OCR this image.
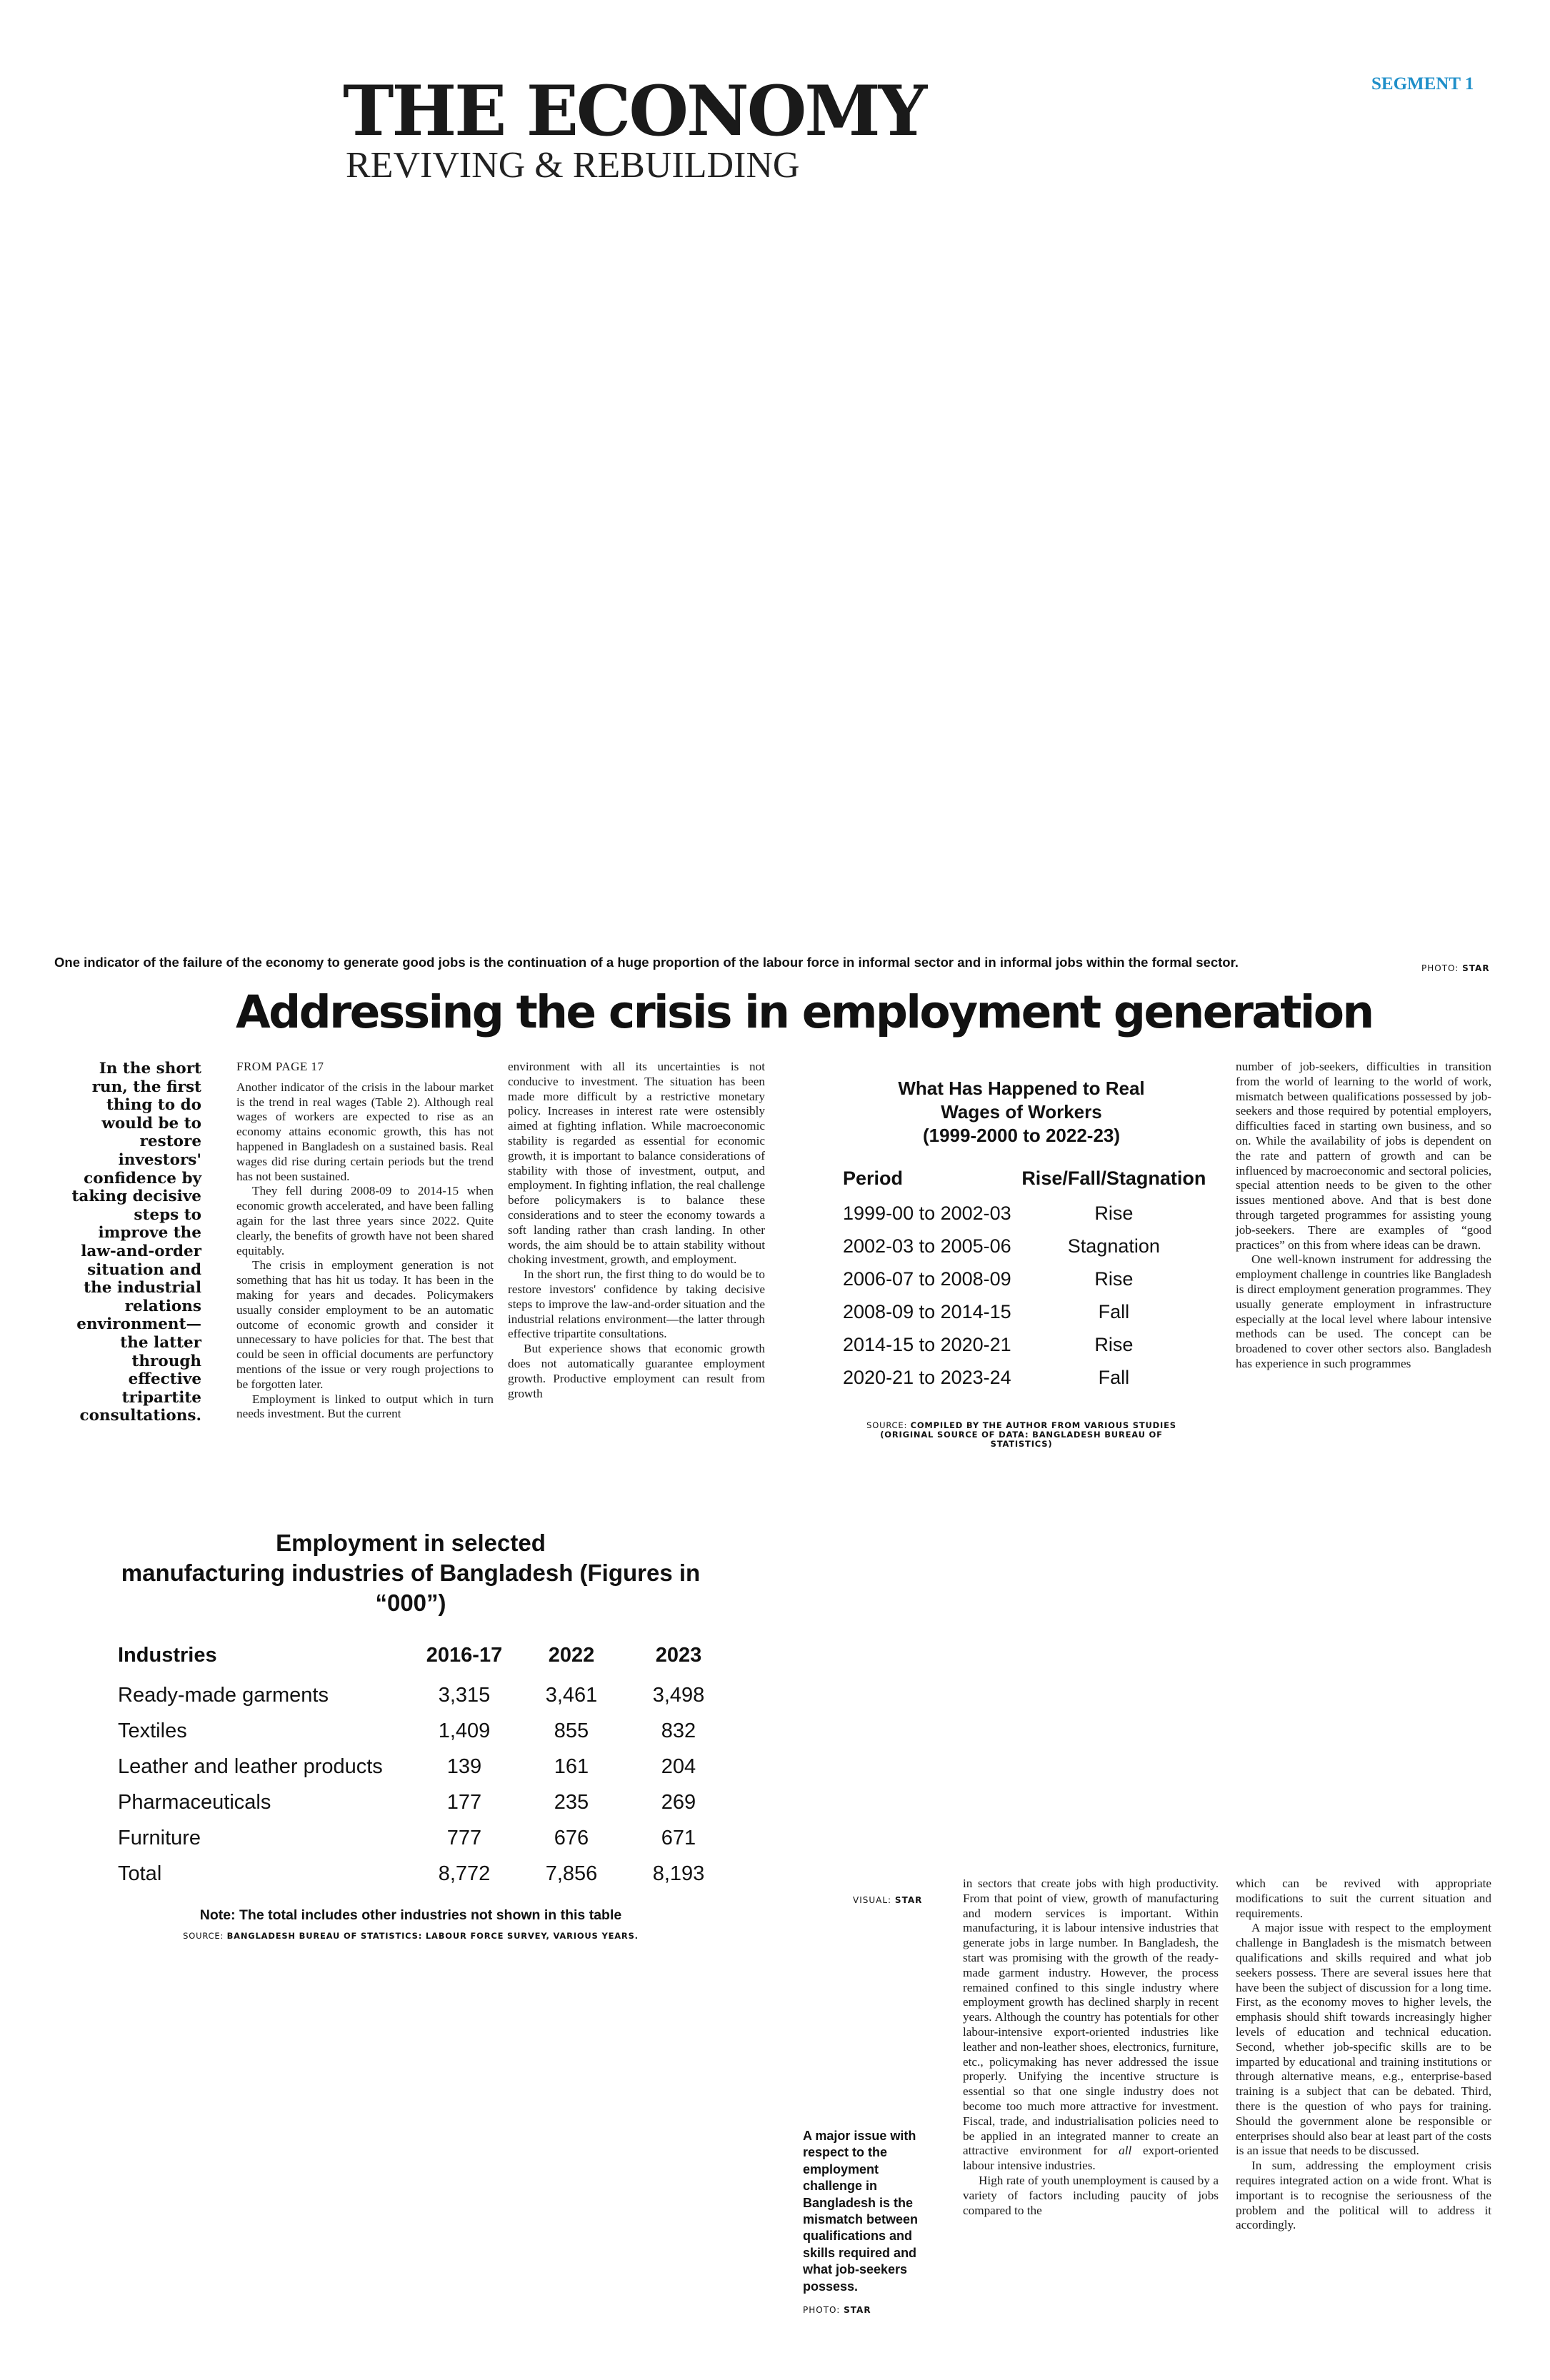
THE ECONOMY
REVIVING & REBUILDING
SEGMENT 1
One indicator of the failure of the economy to generate good jobs is the continuation of a huge proportion of the labour force in informal sector and in informal jobs within the formal sector.	PHOTO: STAR
Addressing the crisis in employment generation
In the short run, the first thing to do would be to restore investors' confidence by taking decisive steps to improve the law-and-order situation and the industrial relations environment—the latter through effective tripartite consultations.
FROM PAGE 17

Another indicator of the crisis in the labour market is the trend in real wages (Table 2). Although real wages of workers are expected to rise as an economy attains economic growth, this has not happened in Bangladesh on a sustained basis. Real wages did rise during certain periods but the trend has not been sustained.

They fell during 2008-09 to 2014-15 when economic growth accelerated, and have been falling again for the last three years since 2022. Quite clearly, the benefits of growth have not been shared equitably.

The crisis in employment generation is not something that has hit us today. It has been in the making for years and decades. Policymakers usually consider employment to be an automatic outcome of economic growth and consider it unnecessary to have policies for that. The best that could be seen in official documents are perfunctory mentions of the issue or very rough projections to be forgotten later.

Employment is linked to output which in turn needs investment. But the current

environment with all its uncertainties is not conducive to investment. The situation has been made more difficult by a restrictive monetary policy. Increases in interest rate were ostensibly aimed at fighting inflation. While macroeconomic stability is regarded as essential for economic growth, it is important to balance considerations of stability with those of investment, output, and employment. In fighting inflation, the real challenge before policymakers is to balance these considerations and to steer the economy towards a soft landing rather than crash landing. In other words, the aim should be to attain stability without choking investment, growth, and employment.

In the short run, the first thing to do would be to restore investors' confidence by taking decisive steps to improve the law-and-order situation and the industrial relations environment—the latter through effective tripartite consultations.

But experience shows that economic growth does not automatically guarantee employment growth. Productive employment can result from growth

What Has Happened to Real
Wages of Workers
(1999-2000 to 2022-23)
Period	Rise/Fall/Stagnation
1999-00 to 2002-03	Rise
2002-03 to 2005-06	Stagnation
2006-07 to 2008-09	Rise
2008-09 to 2014-15	Fall
2014-15 to 2020-21	Rise
2020-21 to 2023-24	Fall
SOURCE: COMPILED BY THE AUTHOR FROM VARIOUS STUDIES
(ORIGINAL SOURCE OF DATA: BANGLADESH BUREAU OF
STATISTICS)

number of job-seekers, difficulties in transition from the world of learning to the world of work, mismatch between qualifications possessed by job-seekers and those required by potential employers, difficulties faced in starting own business, and so on. While the availability of jobs is dependent on the rate and pattern of growth and can be influenced by macroeconomic and sectoral policies, special attention needs to be given to the other issues mentioned above. And that is best done through targeted programmes for assisting young job-seekers. There are examples of “good practices” on this from where ideas can be drawn.

One well-known instrument for addressing the employment challenge in countries like Bangladesh is direct employment generation programmes. They usually generate employment in infrastructure especially at the local level where labour intensive methods can be used. The concept can be broadened to cover other sectors also. Bangladesh has experience in such programmes

Employment in selected
manufacturing industries of Bangladesh (Figures in “000”)
Industries	2016-17	2022	2023
Ready-made garments	3,315	3,461	3,498
Textiles	1,409	855	832
Leather and leather products	139	161	204
Pharmaceuticals	177	235	269
Furniture	777	676	671
Total	8,772	7,856	8,193
Note: The total includes other industries not shown in this table
SOURCE: BANGLADESH BUREAU OF STATISTICS: LABOUR FORCE SURVEY, VARIOUS YEARS.
VISUAL: STAR
A major issue with respect to the employment challenge in Bangladesh is the mismatch between qualifications and skills required and what job-seekers possess.
PHOTO: STAR

in sectors that create jobs with high productivity. From that point of view, growth of manufacturing and modern services is important. Within manufacturing, it is labour intensive industries that generate jobs in large number. In Bangladesh, the start was promising with the growth of the ready-made garment industry. However, the process remained confined to this single industry where employment growth has declined sharply in recent years. Although the country has potentials for other labour-intensive export-oriented industries like leather and non-leather shoes, electronics, furniture, etc., policymaking has never addressed the issue properly. Unifying the incentive structure is essential so that one single industry does not become too much more attractive for investment. Fiscal, trade, and industrialisation policies need to be applied in an integrated manner to create an attractive environment for all export-oriented labour intensive industries.

High rate of youth unemployment is caused by a variety of factors including paucity of jobs compared to the

which can be revived with appropriate modifications to suit the current situation and requirements.

A major issue with respect to the employment challenge in Bangladesh is the mismatch between qualifications and skills required and what job seekers possess. There are several issues here that have been the subject of discussion for a long time. First, as the economy moves to higher levels, the emphasis should shift towards increasingly higher levels of education and technical education. Second, whether job-specific skills are to be imparted by educational and training institutions or through alternative means, e.g., enterprise-based training is a subject that can be debated. Third, there is the question of who pays for training. Should the government alone be responsible or enterprises should also bear at least part of the costs is an issue that needs to be discussed.

In sum, addressing the employment crisis requires integrated action on a wide front. What is important is to recognise the seriousness of the problem and the political will to address it accordingly.
